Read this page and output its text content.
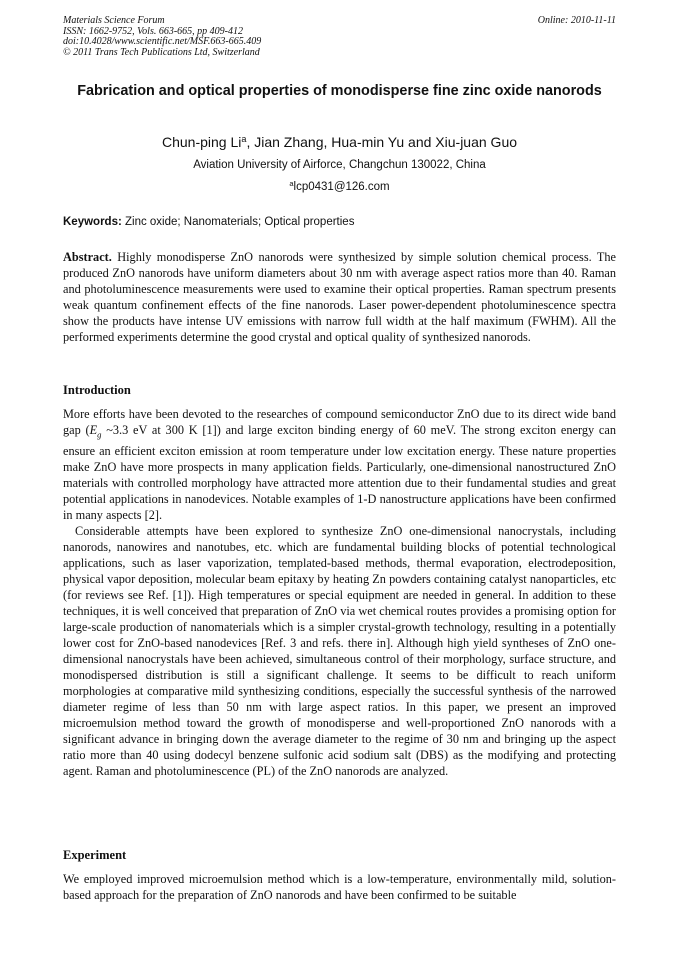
Materials Science Forum
ISSN: 1662-9752, Vols. 663-665, pp 409-412
doi:10.4028/www.scientific.net/MSF.663-665.409
© 2011 Trans Tech Publications Ltd, Switzerland
Online: 2010-11-11
Fabrication and optical properties of monodisperse fine zinc oxide nanorods
Chun-ping Li$^a$, Jian Zhang, Hua-min Yu and Xiu-juan Guo
Aviation University of Airforce, Changchun 130022, China
$^a$lcp0431@126.com
Keywords: Zinc oxide; Nanomaterials; Optical properties

Abstract. Highly monodisperse ZnO nanorods were synthesized by simple solution chemical process. The produced ZnO nanorods have uniform diameters about 30 nm with average aspect ratios more than 40. Raman and photoluminescence measurements were used to examine their optical properties. Raman spectrum presents weak quantum confinement effects of the fine nanorods. Laser power-dependent photoluminescence spectra show the products have intense UV emissions with narrow full width at the half maximum (FWHM). All the performed experiments determine the good crystal and optical quality of synthesized nanorods.

Introduction

More efforts have been devoted to the researches of compound semiconductor ZnO due to its direct wide band gap ($E_g$ ~3.3 eV at 300 K [1]) and large exciton binding energy of 60 meV. The strong exciton energy can ensure an efficient exciton emission at room temperature under low excitation energy. These nature properties make ZnO have more prospects in many application fields. Particularly, one-dimensional nanostructured ZnO materials with controlled morphology have attracted more attention due to their fundamental studies and great potential applications in nanodevices. Notable examples of 1-D nanostructure applications have been confirmed in many aspects [2].

Considerable attempts have been explored to synthesize ZnO one-dimensional nanocrystals, including nanorods, nanowires and nanotubes, etc. which are fundamental building blocks of potential technological applications, such as laser vaporization, templated-based methods, thermal evaporation, electrodeposition, physical vapor deposition, molecular beam epitaxy by heating Zn powders containing catalyst nanoparticles, etc (for reviews see Ref. [1]). High temperatures or special equipment are needed in general. In addition to these techniques, it is well conceived that preparation of ZnO via wet chemical routes provides a promising option for large-scale production of nanomaterials which is a simpler crystal-growth technology, resulting in a potentially lower cost for ZnO-based nanodevices [Ref. 3 and refs. there in]. Although high yield syntheses of ZnO one-dimensional nanocrystals have been achieved, simultaneous control of their morphology, surface structure, and monodispersed distribution is still a significant challenge. It seems to be difficult to reach uniform morphologies at comparative mild synthesizing conditions, especially the successful synthesis of the narrowed diameter regime of less than 50 nm with large aspect ratios. In this paper, we present an improved microemulsion method toward the growth of monodisperse and well-proportioned ZnO nanorods with a significant advance in bringing down the average diameter to the regime of 30 nm and bringing up the aspect ratio more than 40 using dodecyl benzene sulfonic acid sodium salt (DBS) as the modifying and protecting agent. Raman and photoluminescence (PL) of the ZnO nanorods are analyzed.

Experiment

We employed improved microemulsion method which is a low-temperature, environmentally mild, solution-based approach for the preparation of ZnO nanorods and have been confirmed to be suitable
